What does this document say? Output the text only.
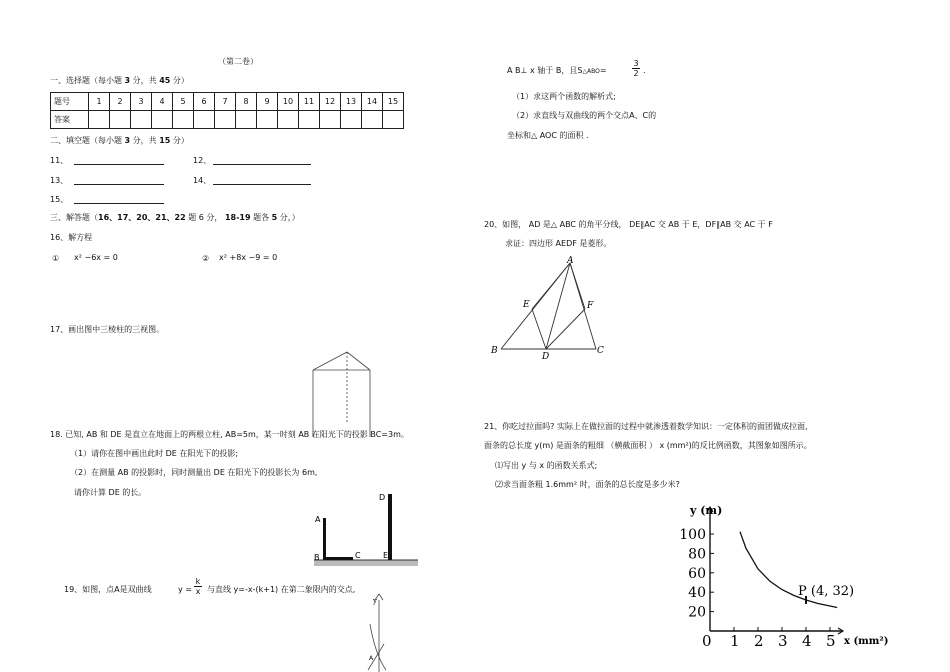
（第二卷）
一、选择题（每小题 3 分，共 45 分）
题号	1	2	3	4	5	6	7	8	9	10	11	12	13	14	15
答案															
二、填空题（每小题 3 分，共 15 分）
11、	12、
13、	14、
15、
三、解答题（16、17、20、21、22 题 6 分， 18-19 题各 5 分，）
16、解方程
① x² −6x = 0	② x² +8x −9 = 0
17、画出图中三棱柱的三视图。
18. 已知, AB 和 DE 是直立在地面上的两根立柱, AB=5m，某一时刻 AB 在阳光下的投影 BC=3m。
（1）请你在图中画出此时 DE 在阳光下的投影;
（2）在测量 AB 的投影时，同时测量出 DE 在阳光下的投影长为 6m,
请你计算 DE 的长。
A
B	C
D
E
19、如图，点A是双曲线	$y = \frac{k}{x}$ 与直线 y=-x-(k+1) 在第二象限内的交点,
y
A
A B⊥ x 轴于 B，且S△ABO=	$\frac{3}{2}$ .
（1）求这两个函数的解析式;
（2）求直线与双曲线的两个交点A、C的
坐标和△ AOC 的面积 .
20、如图， AD 是△ ABC 的角平分线， DE∥AC 交 AB 于 E，DF∥AB 交 AC 于 F
求证：四边形 AEDF 是菱形。
A
E	F
B
D
C
21、你吃过拉面吗? 实际上在做拉面的过程中就渗透着数学知识：一定体积的面团做成拉面,
面条的总长度 y(m) 是面条的粗细 （横截面积 ） x (mm²)的反比例函数，其图象如图所示。
⑴写出 y 与 x 的函数关系式;
⑵求当面条粗 1.6mm² 时，面条的总长度是多少米?
0 1 2 3 4 5
20
40
60
80
100
y (m)
x (mm²)
P (4, 32)
